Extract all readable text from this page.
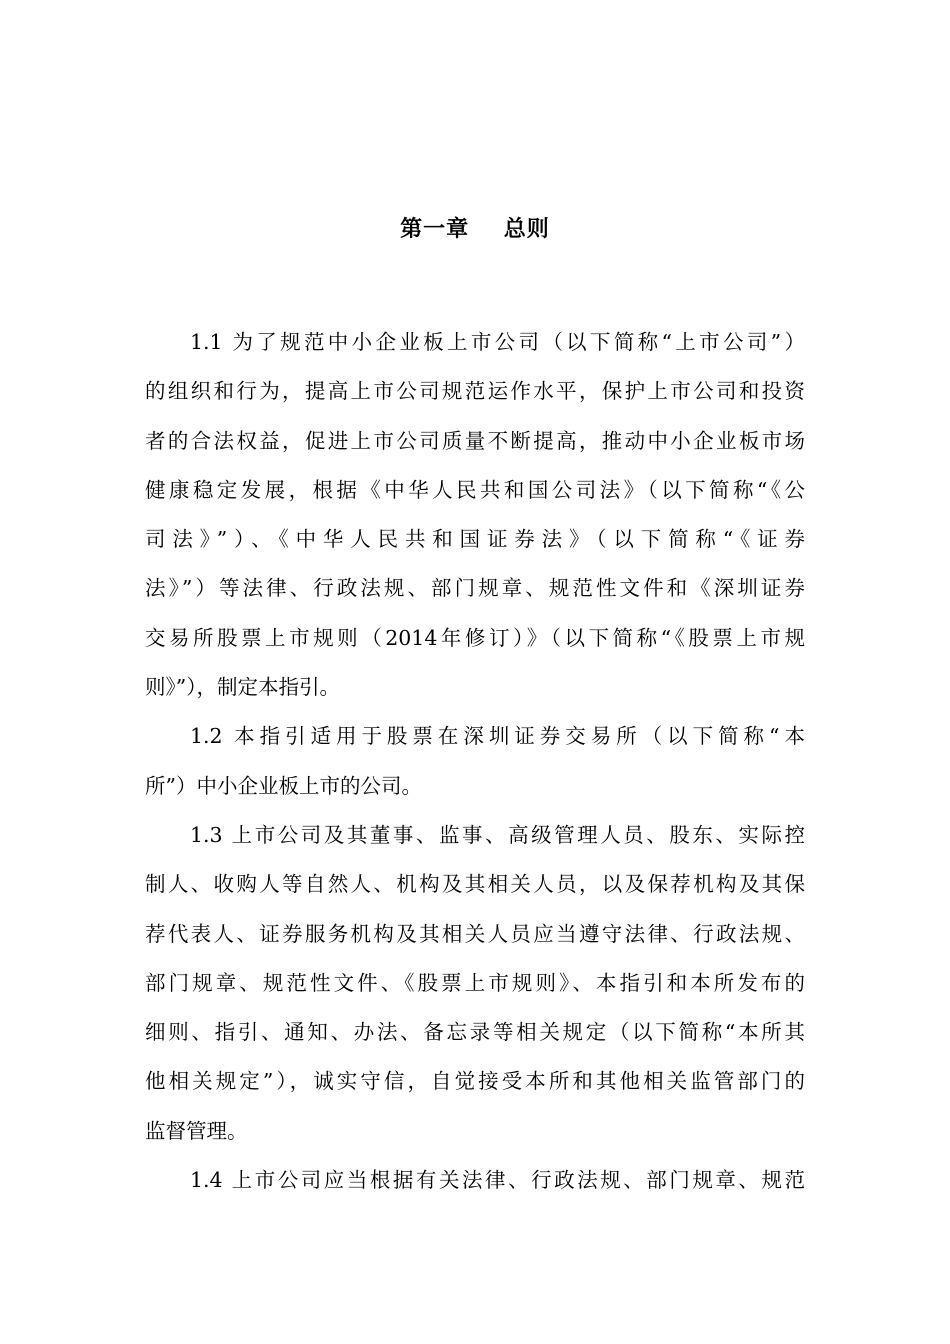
第一章    总则
1.1 为了规范中小企业板上市公司（以下简称“上市公司”）
的组织和行为，提高上市公司规范运作水平，保护上市公司和投资
者的合法权益，促进上市公司质量不断提高，推动中小企业板市场
健康稳定发展，根据《中华人民共和国公司法》（以下简称“《公
司法》”）、《中华人民共和国证券法》（以下简称“《证券
法》”）等法律、行政法规、部门规章、规范性文件和《深圳证券
交易所股票上市规则（2014年修订）》（以下简称“《股票上市规
则》”），制定本指引。
1.2 本指引适用于股票在深圳证券交易所（以下简称“本
所”）中小企业板上市的公司。
1.3 上市公司及其董事、监事、高级管理人员、股东、实际控
制人、收购人等自然人、机构及其相关人员，以及保荐机构及其保
荐代表人、证券服务机构及其相关人员应当遵守法律、行政法规、
部门规章、规范性文件、《股票上市规则》、本指引和本所发布的
细则、指引、通知、办法、备忘录等相关规定（以下简称“本所其
他相关规定”），诚实守信，自觉接受本所和其他相关监管部门的
监督管理。
1.4 上市公司应当根据有关法律、行政法规、部门规章、规范
